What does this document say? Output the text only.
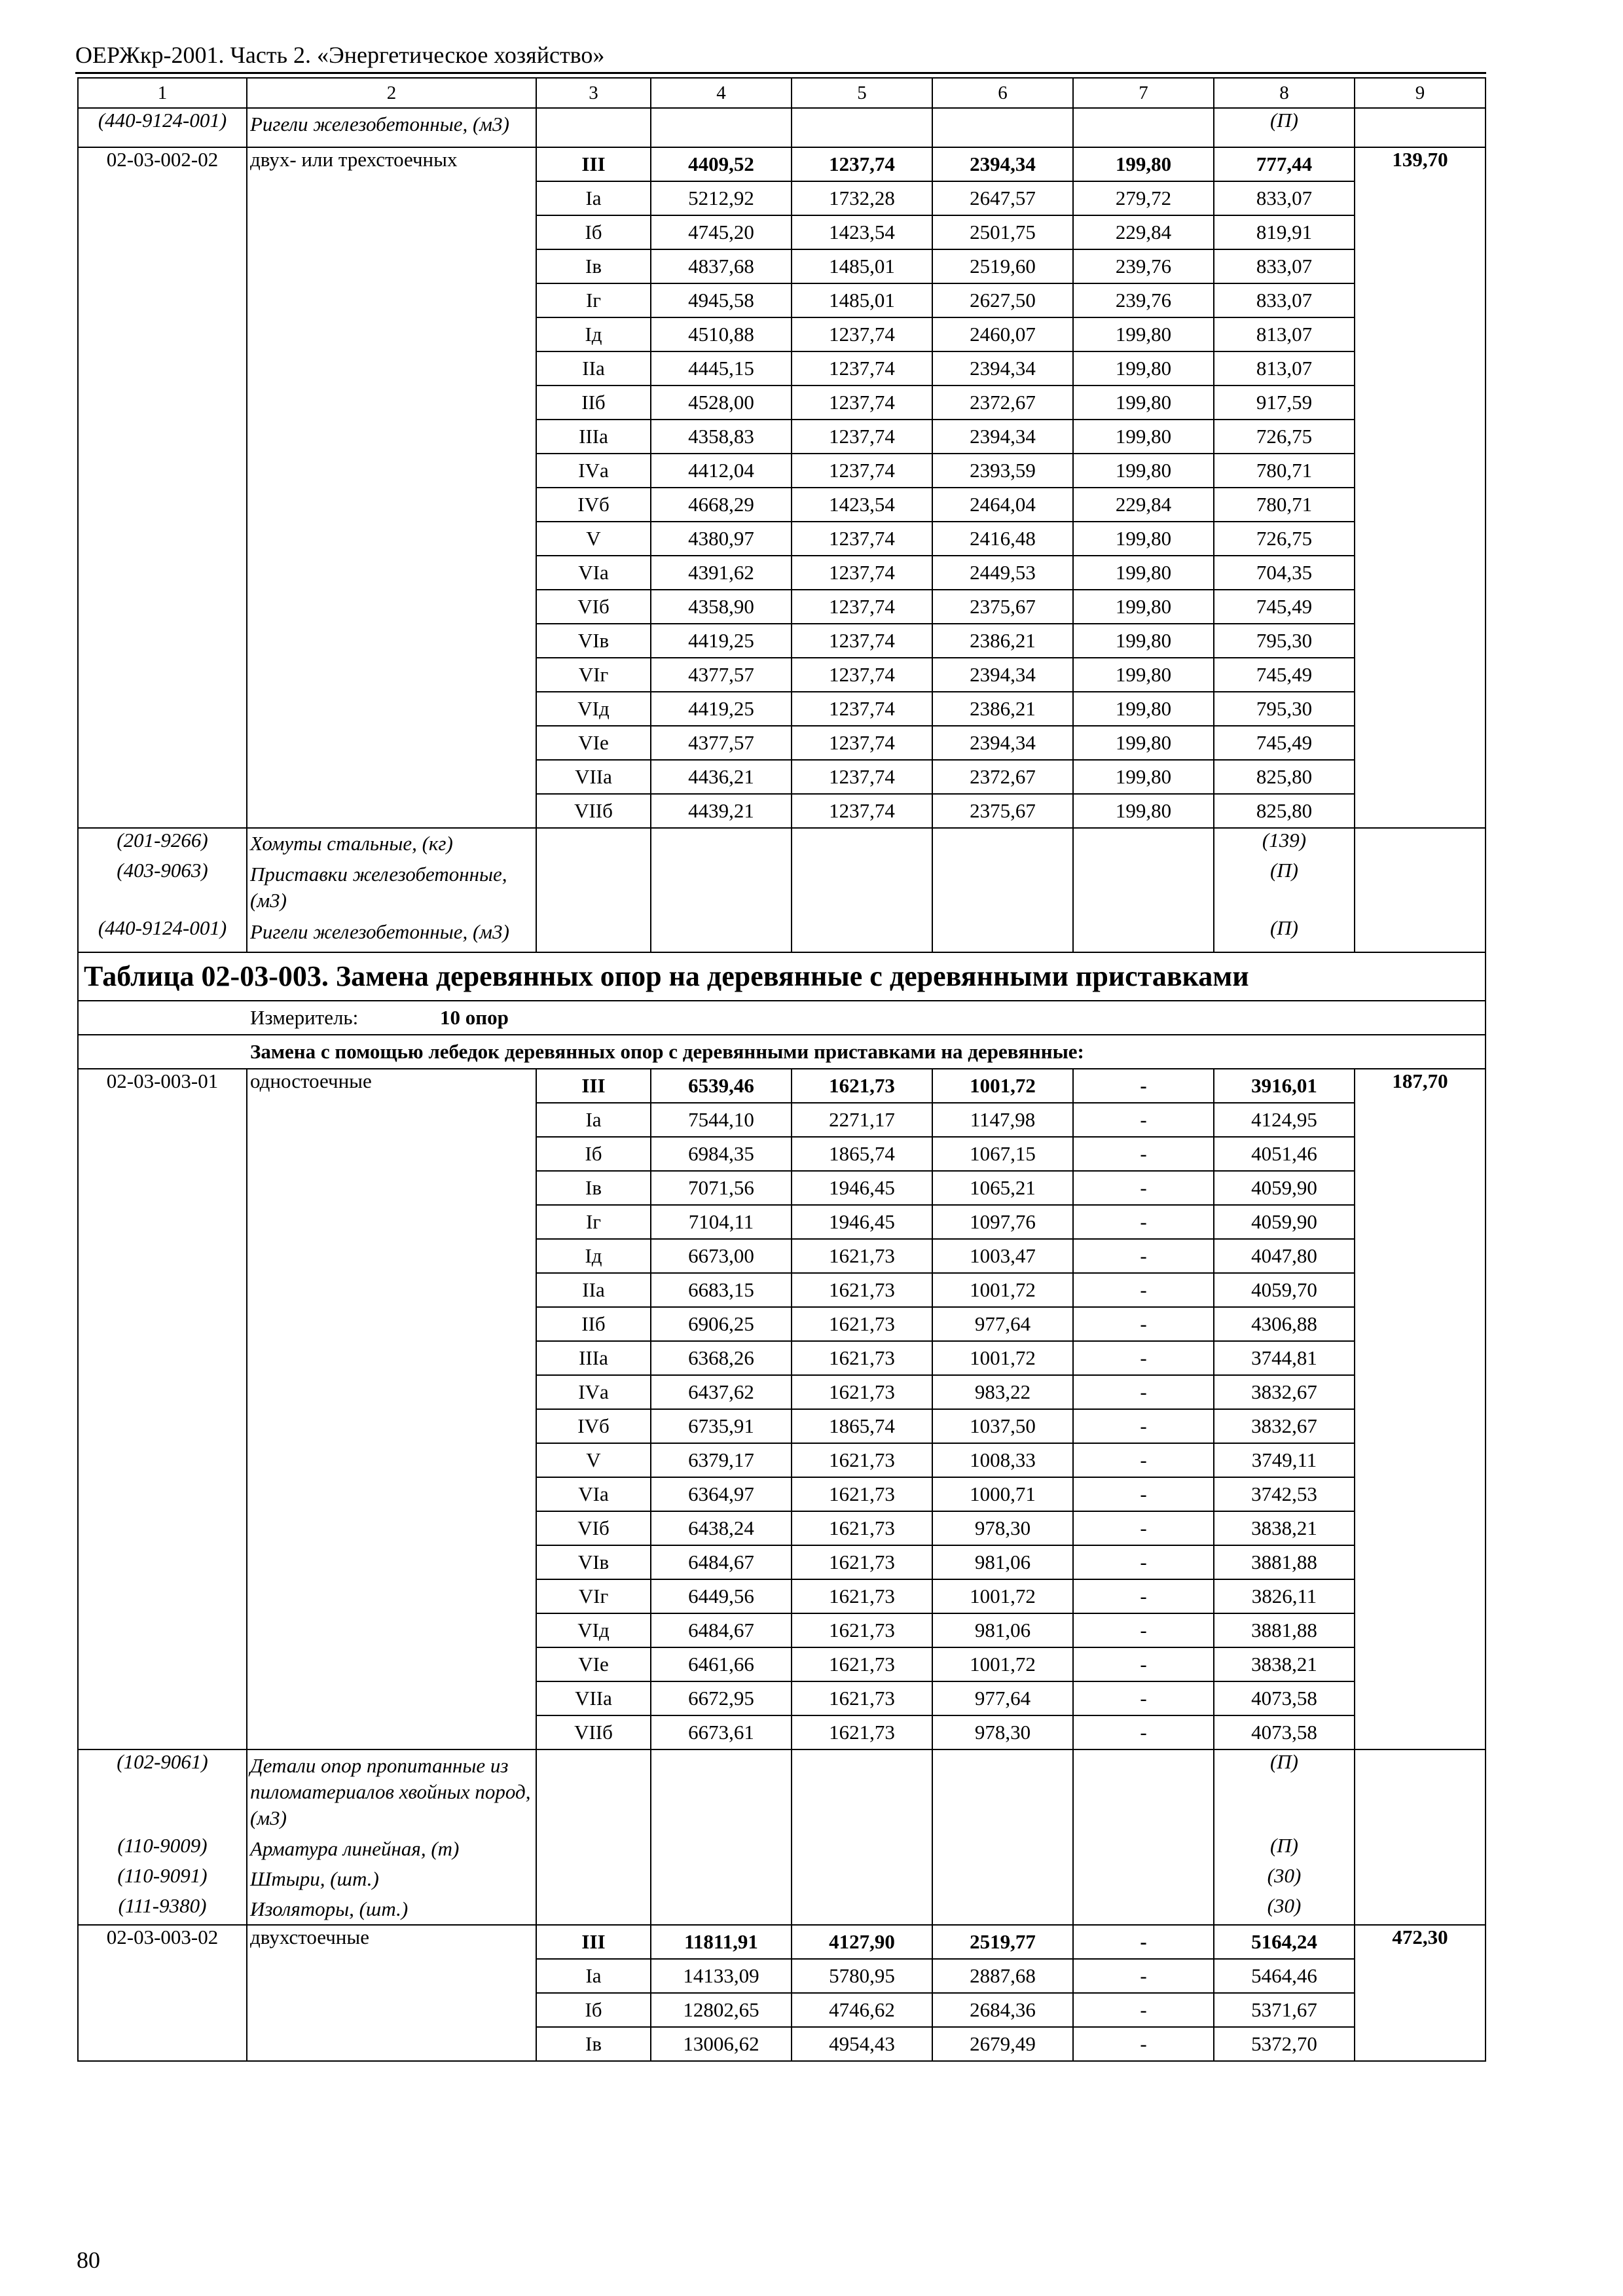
ОЕРЖкр-2001. Часть 2. «Энергетическое хозяйство»
1	2	3	4	5	6	7	8	9
(440-9124-001)	Ригели железобетонные, (м3)						(П)	
02-03-002-02	двух- или трехстоечных	III	4409,52	1237,74	2394,34	199,80	777,44	139,70
		Iа	5212,92	1732,28	2647,57	279,72	833,07	
		Iб	4745,20	1423,54	2501,75	229,84	819,91	
		Iв	4837,68	1485,01	2519,60	239,76	833,07	
		Iг	4945,58	1485,01	2627,50	239,76	833,07	
		Iд	4510,88	1237,74	2460,07	199,80	813,07	
		IIа	4445,15	1237,74	2394,34	199,80	813,07	
		IIб	4528,00	1237,74	2372,67	199,80	917,59	
		IIIа	4358,83	1237,74	2394,34	199,80	726,75	
		IVа	4412,04	1237,74	2393,59	199,80	780,71	
		IVб	4668,29	1423,54	2464,04	229,84	780,71	
		V	4380,97	1237,74	2416,48	199,80	726,75	
		VIа	4391,62	1237,74	2449,53	199,80	704,35	
		VIб	4358,90	1237,74	2375,67	199,80	745,49	
		VIв	4419,25	1237,74	2386,21	199,80	795,30	
		VIг	4377,57	1237,74	2394,34	199,80	745,49	
		VIд	4419,25	1237,74	2386,21	199,80	795,30	
		VIе	4377,57	1237,74	2394,34	199,80	745,49	
		VIIа	4436,21	1237,74	2372,67	199,80	825,80	
		VIIб	4439,21	1237,74	2375,67	199,80	825,80	
(201-9266)	Хомуты стальные, (кг)						(139)	
(403-9063)	Приставки железобетонные, (м3)						(П)	
(440-9124-001)	Ригели железобетонные, (м3)						(П)	
Таблица 02-03-003. Замена деревянных опор на деревянные с деревянными приставками								
Измеритель: 10 опор								
Замена с помощью лебедок деревянных опор с деревянными приставками на деревянные:								
02-03-003-01	одностоечные	III	6539,46	1621,73	1001,72	-	3916,01	187,70
		Iа	7544,10	2271,17	1147,98	-	4124,95	
		Iб	6984,35	1865,74	1067,15	-	4051,46	
		Iв	7071,56	1946,45	1065,21	-	4059,90	
		Iг	7104,11	1946,45	1097,76	-	4059,90	
		Iд	6673,00	1621,73	1003,47	-	4047,80	
		IIа	6683,15	1621,73	1001,72	-	4059,70	
		IIб	6906,25	1621,73	977,64	-	4306,88	
		IIIа	6368,26	1621,73	1001,72	-	3744,81	
		IVа	6437,62	1621,73	983,22	-	3832,67	
		IVб	6735,91	1865,74	1037,50	-	3832,67	
		V	6379,17	1621,73	1008,33	-	3749,11	
		VIа	6364,97	1621,73	1000,71	-	3742,53	
		VIб	6438,24	1621,73	978,30	-	3838,21	
		VIв	6484,67	1621,73	981,06	-	3881,88	
		VIг	6449,56	1621,73	1001,72	-	3826,11	
		VIд	6484,67	1621,73	981,06	-	3881,88	
		VIе	6461,66	1621,73	1001,72	-	3838,21	
		VIIа	6672,95	1621,73	977,64	-	4073,58	
		VIIб	6673,61	1621,73	978,30	-	4073,58	
(102-9061)	Детали опор пропитанные из пиломатериалов хвойных пород, (м3)						(П)	
(110-9009)	Арматура линейная, (т)						(П)	
(110-9091)	Штыри, (шт.)						(30)	
(111-9380)	Изоляторы, (шт.)						(30)	
02-03-003-02	двухстоечные	III	11811,91	4127,90	2519,77	-	5164,24	472,30
		Iа	14133,09	5780,95	2887,68	-	5464,46	
		Iб	12802,65	4746,62	2684,36	-	5371,67	
		Iв	13006,62	4954,43	2679,49	-	5372,70	
80
